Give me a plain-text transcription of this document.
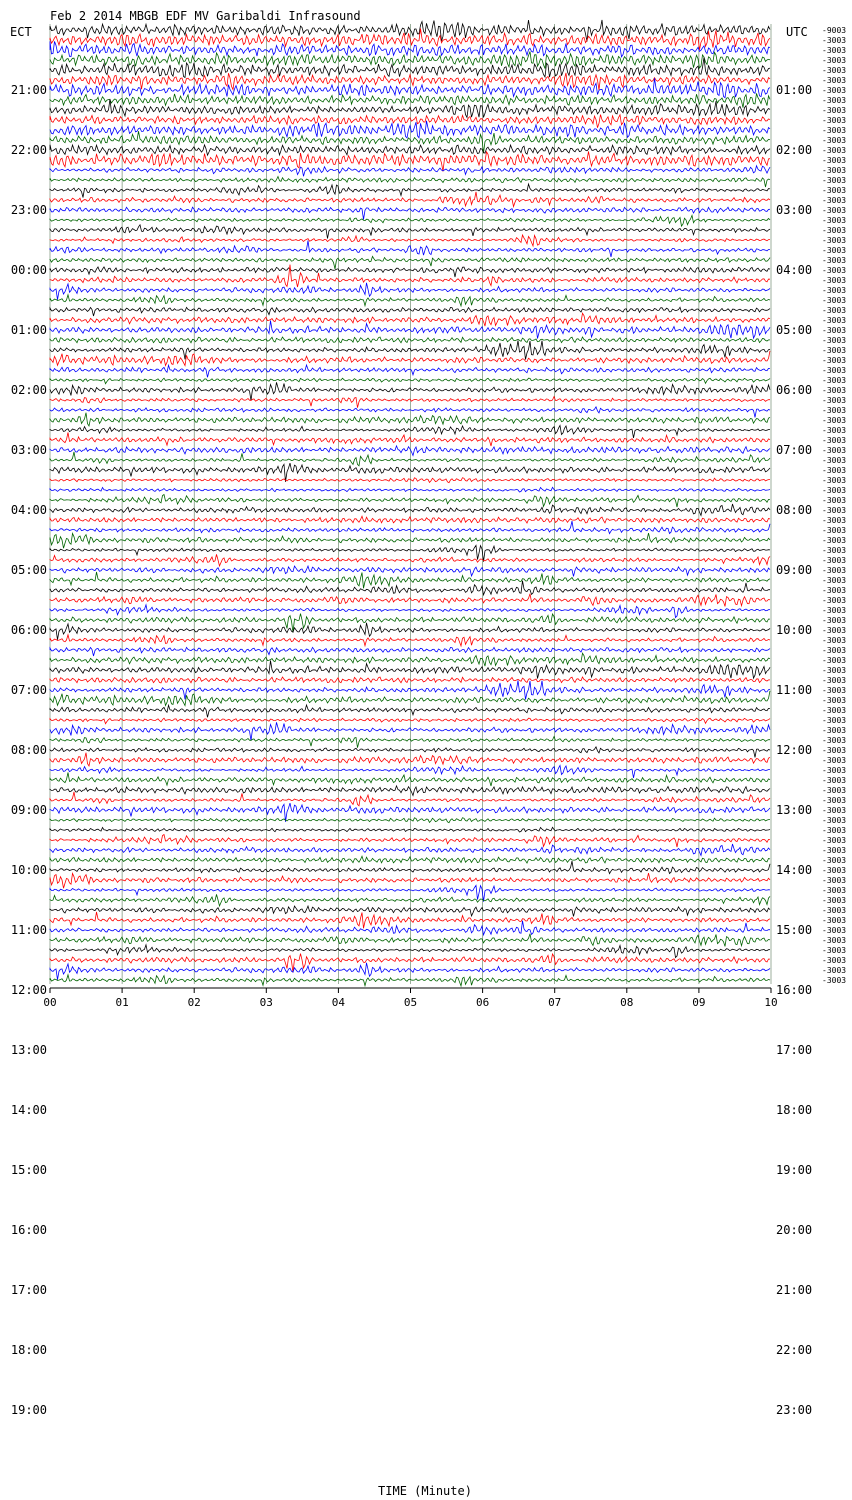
Feb 2 2014 MBGB EDF MV Garibaldi Infrasound
ECT	UTC
TIME (Minute)
00	01	02	03	04	05	06	07	08	09	10
21:00
22:00
23:00
00:00
01:00
02:00
03:00
04:00
05:00
06:00
07:00
08:00
09:00
10:00
11:00
12:00
13:00
14:00
15:00
16:00
17:00
18:00
19:00
01:00
02:00
03:00
04:00
05:00
06:00
07:00
08:00
09:00
10:00
11:00
12:00
13:00
14:00
15:00
16:00
17:00
18:00
19:00
20:00
21:00
22:00
23:00
-9003
-3003
-3003
-3003
-3003
-3003
-3003
-3003
-3003
-3003
-3003
-3003
-3003
-3003
-3003
-3003
-3003
-3003
-3003
-3003
-3003
-3003
-3003
-3003
-3003
-3003
-3003
-3003
-3003
-3003
-3003
-3003
-3003
-3003
-3003
-3003
-3003
-3003
-3003
-3003
-3003
-3003
-3003
-3003
-3003
-3003
-3003
-3003
-3003
-3003
-3003
-3003
-3003
-3003
-3003
-3003
-3003
-3003
-3003
-3003
-3003
-3003
-3003
-3003
-3003
-3003
-3003
-3003
-3003
-3003
-3003
-3003
-3003
-3003
-3003
-3003
-3003
-3003
-3003
-3003
-3003
-3003
-3003
-3003
-3003
-3003
-3003
-3003
-3003
-3003
-3003
-3003
-3003
-3003
-3003
-3003
